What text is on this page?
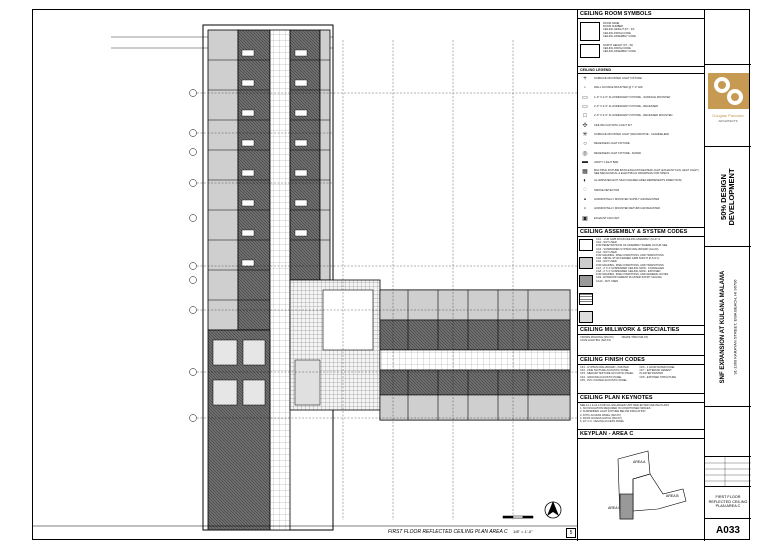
FIRST FLOOR REFLECTED CEILING PLAN AREA C 1/8" = 1'-0"	5
CEILING ROOM SYMBOLS
ROOM NAME
ROOM NUMBER
CEILING HEIGHT (FT - IN)
CEILING FINISH CODE
CEILING ASSEMBLY CODE
SOFFIT HEIGHT (FT - IN)
CEILING FINISH CODE
CEILING ASSEMBLY CODE
CEILING LEGEND
+	SURFACE MOUNTED LIGHT FIXTURE
◦	WALL SCONCE MOUNTED @ 7'-0" AFF
▭	1'-0" X 4'-0" FLUORESCENT FIXTURE - SURFACE MOUNTED
▭	2'-0" X 4'-0" FLUORESCENT FIXTURE - RECESSED
□	2'-0" X 2'-0" FLUORESCENT FIXTURE - RECESSED MOUNTED
✣	CEILING FAN WITH LIGHT KIT
✳	SURFACE MOUNTED LIGHT (DECORATIVE - CHANDELIER)
○	RECESSED LIGHT FIXTURE
◎	RECESSED LIGHT FIXTURE - RATED
▬	VANITY LIGHT BAR
▦	MULTIPLE FIXTURE BATH EXHAUST/HEATER LIGHT (EXHAUST FAN, HEAT LIGHT) SEE MECHANICAL & ELECTRICAL DRAWINGS FOR SPECS
◐	ILLUMINATED EXIT SIGN (SHADED AREA REPRESENTS DIRECTION)
◌	SMOKE DETECTOR
▪	HORIZONTALLY MOUNTED SUPPLY AIR REGISTER
▫	HORIZONTALLY MOUNTED RETURN AIR REGISTER
▣	EXHAUST FAN UNIT
CEILING ASSEMBLY & SYSTEM CODES
CA1 - 1 HR GWB ROOF/CEILING ASSEMBLY (UL47 &
CA2 - NOT USED
FOR PENETRATIONS OF ASSEMBLY WHERE OCCUR SEE
CA3 - SUSPENDED GYPSUM WALLBOARD (GA-03)
CA4 - NOT USED
FOR GRADING, RISE CONDITIONS, AND TRANSITIONS
CA5 - METAL STUD FRAMED GWB SOFFIT (F-5.0/ 1)
CA6 - NOT USED
FOR GRADING, RISE CONDITIONS, AND TRANSITIONS
CA7 - 2' X 4' SUSPENDED CEILING GRID - CONCEALED
CA8 - 2' X 2' SUSPENDED CEILING GRID - EXPOSED
FOR GRADING, RISE CONDITIONS, AND GENERAL NOTES
CA9 - EXTERIOR CEMENT PLASTER SOFFIT CEILING
CA10 - NOT USED
CEILING MILLWORK & SPECIALTIES
CROWN MOLDING (SM-XX)
COVE LIGHTING (SM-XX)
DRAPE TRIM (SM-XX)
CEILING FINISH CODES
CF1 - GYPSUM WALLBOARD - PAINTED
CF2 - FINE TEXTURE ACOUSTIC PANEL
CF3 - MEDIUM TEXTURE ACOUSTIC PANEL
CF4 - GROUND ACOUSTIC PANEL
CF5 - PVC COATED ACOUSTIC PANEL
CF6 - 1 HOUR RATED PANEL
CF7 - EXTERIOR CEMENT
PLASTER PAINTED
CF8 - EXPOSED STRUCTURE
CEILING PLAN KEYNOTES
SEE A1.1 & A1.4 FOR ALL ENLARGED UNIT REFLECTED CEILING PLANS
1. NO INSULATION REQUIRED IN CONDITIONED SPACES
2. SUSPENDED LIGHT FIXTURE BELOW INSULATION
3. ATTIC ACCESS PANEL (SM-XX)
4. ROOF ACCESS HATCH (SM-XX)
5. 16" O.C. CEILING ACCESS PANEL
KEYPLAN - AREA C
AREA A
AREA B
AREA C
Douglas Pancake
ARCHITECTS
50% DESIGN DEVELOPMENT
SNF EXPANSION AT KULANA MALAMA 91-1360 KARAYAN STREET, EWA BEACH, HI 96706
FIRST FLOOR REFLECTED CEILING PLAN AREA C
A033
